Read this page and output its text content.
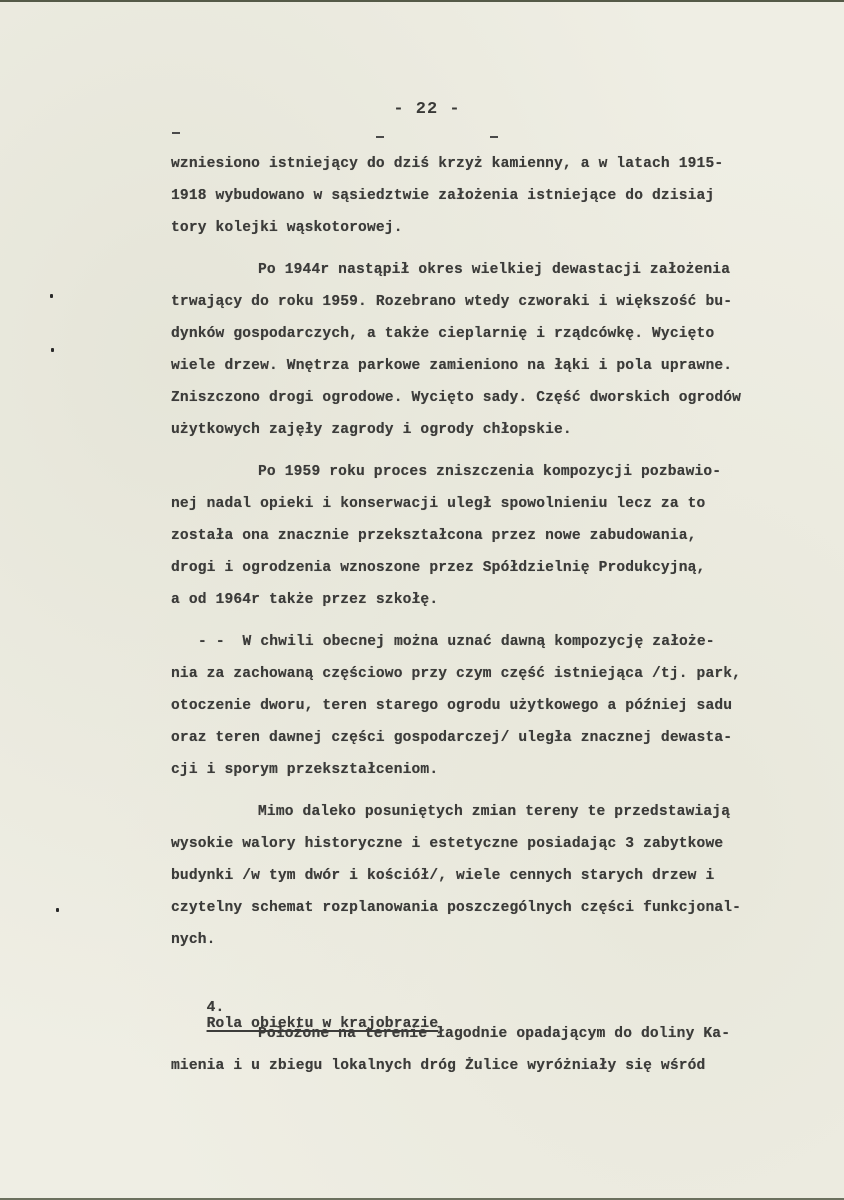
- 22 -
wzniesiono istniejący do dziś krzyż kamienny, a w latach 1915-
1918 wybudowano w sąsiedztwie założenia istniejące do dzisiaj
tory kolejki wąskotorowej.
Po 1944r nastąpił okres wielkiej dewastacji założenia
trwający do roku 1959. Rozebrano wtedy czworaki i większość bu-
dynków gospodarczych, a także cieplarnię i rządcówkę. Wycięto
wiele drzew. Wnętrza parkowe zamieniono na łąki i pola uprawne.
Zniszczono drogi ogrodowe. Wycięto sady. Część dworskich ogrodów
użytkowych zajęły zagrody i ogrody chłopskie.
Po 1959 roku proces zniszczenia kompozycji pozbawio-
nej nadal opieki i konserwacji uległ spowolnieniu lecz za to
została ona znacznie przekształcona przez nowe zabudowania,
drogi i ogrodzenia wznoszone przez Spółdzielnię Produkcyjną,
a od 1964r także przez szkołę.
- -  W chwili obecnej można uznać dawną kompozycję założe-
nia za zachowaną częściowo przy czym część istniejąca /tj. park,
otoczenie dworu, teren starego ogrodu użytkowego a później sadu
oraz teren dawnej części gospodarczej/ uległa znacznej dewasta-
cji i sporym przekształceniom.
Mimo daleko posuniętych zmian tereny te przedstawiają
wysokie walory historyczne i estetyczne posiadając 3 zabytkowe
budynki /w tym dwór i kościół/, wiele cennych starych drzew i
czytelny schemat rozplanowania poszczególnych części funkcjonal-
nych.

4.
Rola obiektu w krajobrazie

Położone na terenie łagodnie opadającym do doliny Ka-
mienia i u zbiegu lokalnych dróg Żulice wyróżniały się wśród
